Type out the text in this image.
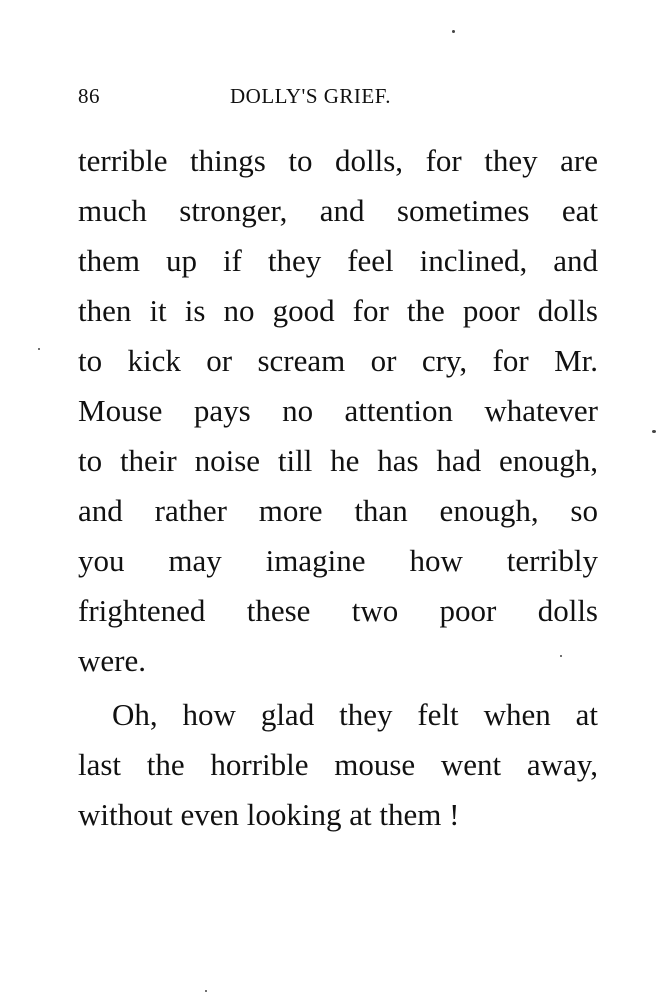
86	DOLLY'S GRIEF.
terrible things to dolls, for they are
much stronger, and sometimes eat
them up if they feel inclined, and
then it is no good for the poor dolls
to kick or scream or cry, for Mr.
Mouse pays no attention whatever
to their noise till he has had enough,
and rather more than enough, so
you may imagine how terribly
frightened these two poor dolls
were.
Oh, how glad they felt when at
last the horrible mouse went away,
without even looking at them !
